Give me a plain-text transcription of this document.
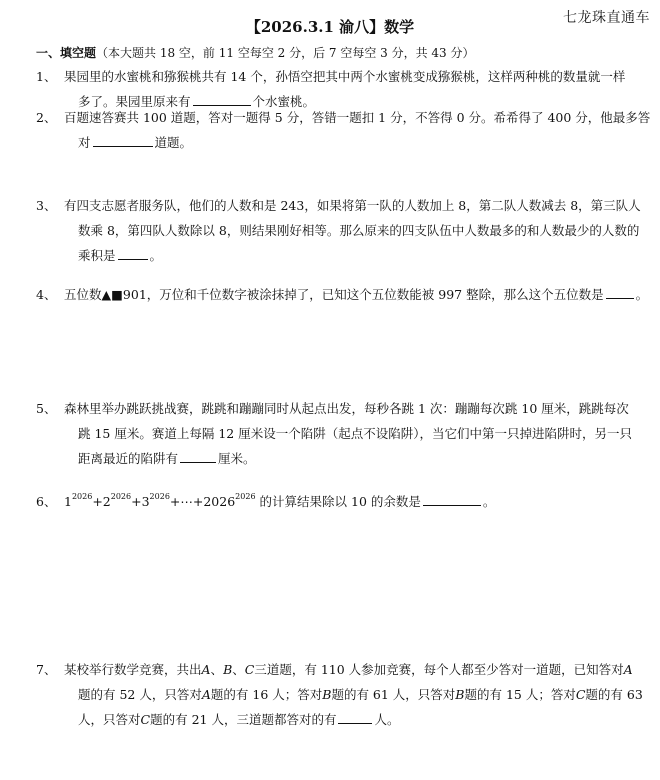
七龙珠直通车
【2026.3.1 渝八】数学
一、填空题（本大题共 18 空，前 11 空每空 2 分，后 7 空每空 3 分，共 43 分）
1、 果园里的水蜜桃和猕猴桃共有 14 个，孙悟空把其中两个水蜜桃变成猕猴桃，这样两种桃的数量就一样
多了。果园里原来有	个水蜜桃。
2、 百题速答赛共 100 道题，答对一题得 5 分，答错一题扣 1 分，不答得 0 分。希希得了 400 分，他最多答
对	道题。
3、 有四支志愿者服务队，他们的人数和是 243，如果将第一队的人数加上 8，第二队人数减去 8，第三队人
数乘 8，第四队人数除以 8，则结果刚好相等。那么原来的四支队伍中人数最多的和人数最少的人数的
乘积是	。
4、 五位数▲■901，万位和千位数字被涂抹掉了，已知这个五位数能被 997 整除，那么这个五位数是	。
5、 森林里举办跳跃挑战赛，跳跳和蹦蹦同时从起点出发，每秒各跳 1 次：蹦蹦每次跳 10 厘米，跳跳每次
跳 15 厘米。赛道上每隔 12 厘米设一个陷阱（起点不设陷阱），当它们中第一只掉进陷阱时，另一只
距离最近的陷阱有	厘米。
6、 $1^{2026}+2^{2026}+3^{2026}+\cdots+2026^{2026}$ 的计算结果除以 10 的余数是	。
7、 某校举行数学竞赛，共出A、B、C三道题，有 110 人参加竞赛，每个人都至少答对一道题，已知答对A
题的有 52 人，只答对A题的有 16 人；答对B题的有 61 人，只答对B题的有 15 人；答对C题的有 63
人，只答对C题的有 21 人，三道题都答对的有	人。
